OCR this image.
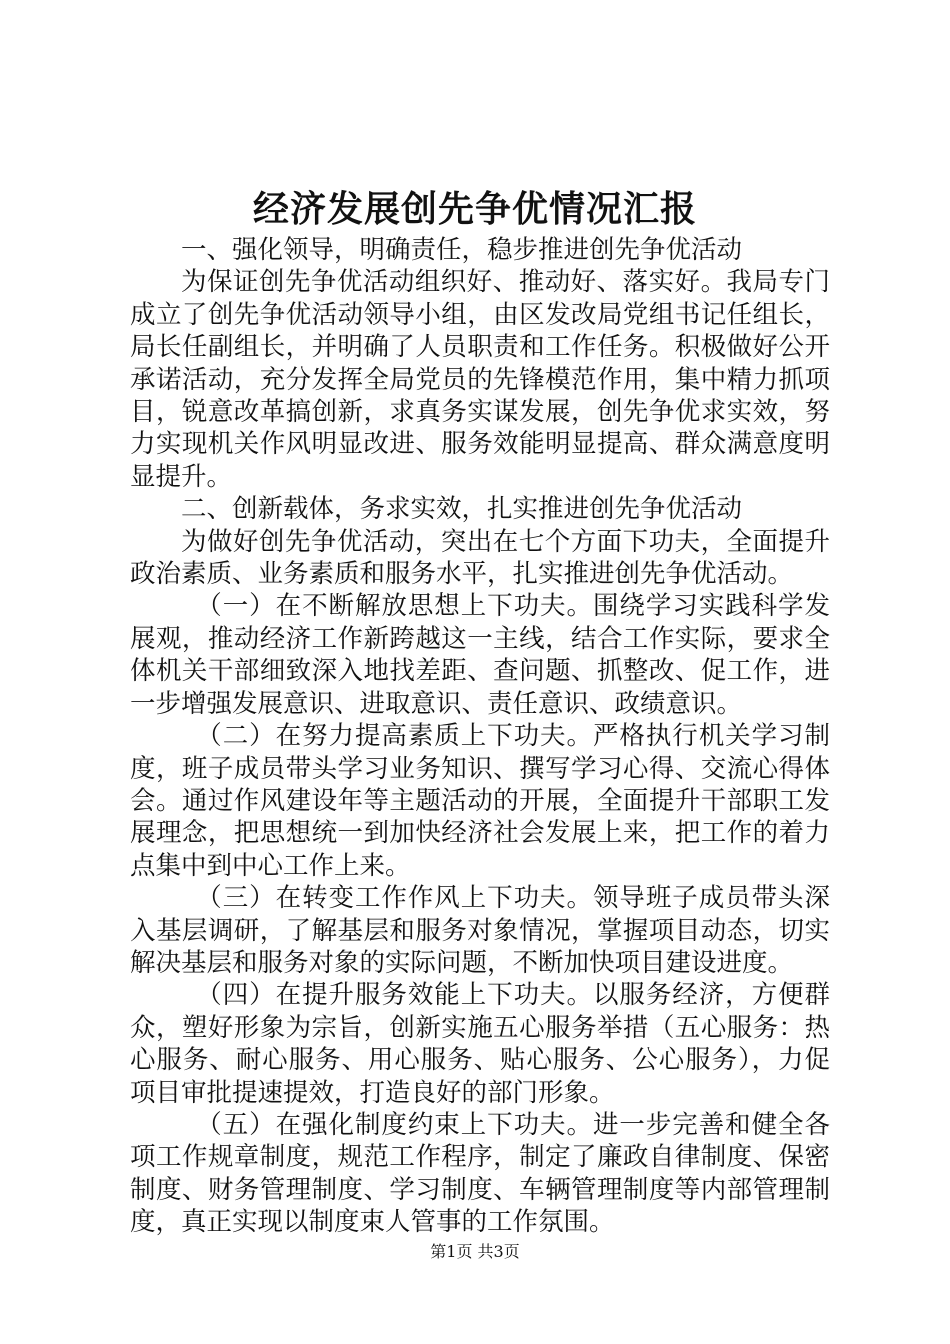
经济发展创先争优情况汇报

一、强化领导，明确责任，稳步推进创先争优活动

为保证创先争优活动组织好、推动好、落实好。我局专门成立了创先争优活动领导小组，由区发改局党组书记任组长，局长任副组长，并明确了人员职责和工作任务。积极做好公开承诺活动，充分发挥全局党员的先锋模范作用，集中精力抓项目，锐意改革搞创新，求真务实谋发展，创先争优求实效，努力实现机关作风明显改进、服务效能明显提高、群众满意度明显提升。

二、创新载体，务求实效，扎实推进创先争优活动

为做好创先争优活动，突出在七个方面下功夫，全面提升政治素质、业务素质和服务水平，扎实推进创先争优活动。

（一）在不断解放思想上下功夫。围绕学习实践科学发展观，推动经济工作新跨越这一主线，结合工作实际，要求全体机关干部细致深入地找差距、查问题、抓整改、促工作，进一步增强发展意识、进取意识、责任意识、政绩意识。

（二）在努力提高素质上下功夫。严格执行机关学习制度，班子成员带头学习业务知识、撰写学习心得、交流心得体会。通过作风建设年等主题活动的开展，全面提升干部职工发展理念，把思想统一到加快经济社会发展上来，把工作的着力点集中到中心工作上来。

（三）在转变工作作风上下功夫。领导班子成员带头深入基层调研，了解基层和服务对象情况，掌握项目动态，切实解决基层和服务对象的实际问题，不断加快项目建设进度。

（四）在提升服务效能上下功夫。以服务经济，方便群众，塑好形象为宗旨，创新实施五心服务举措（五心服务：热心服务、耐心服务、用心服务、贴心服务、公心服务），力促项目审批提速提效，打造良好的部门形象。

（五）在强化制度约束上下功夫。进一步完善和健全各项工作规章制度，规范工作程序，制定了廉政自律制度、保密制度、财务管理制度、学习制度、车辆管理制度等内部管理制度，真正实现以制度束人管事的工作氛围。

第1页 共3页
